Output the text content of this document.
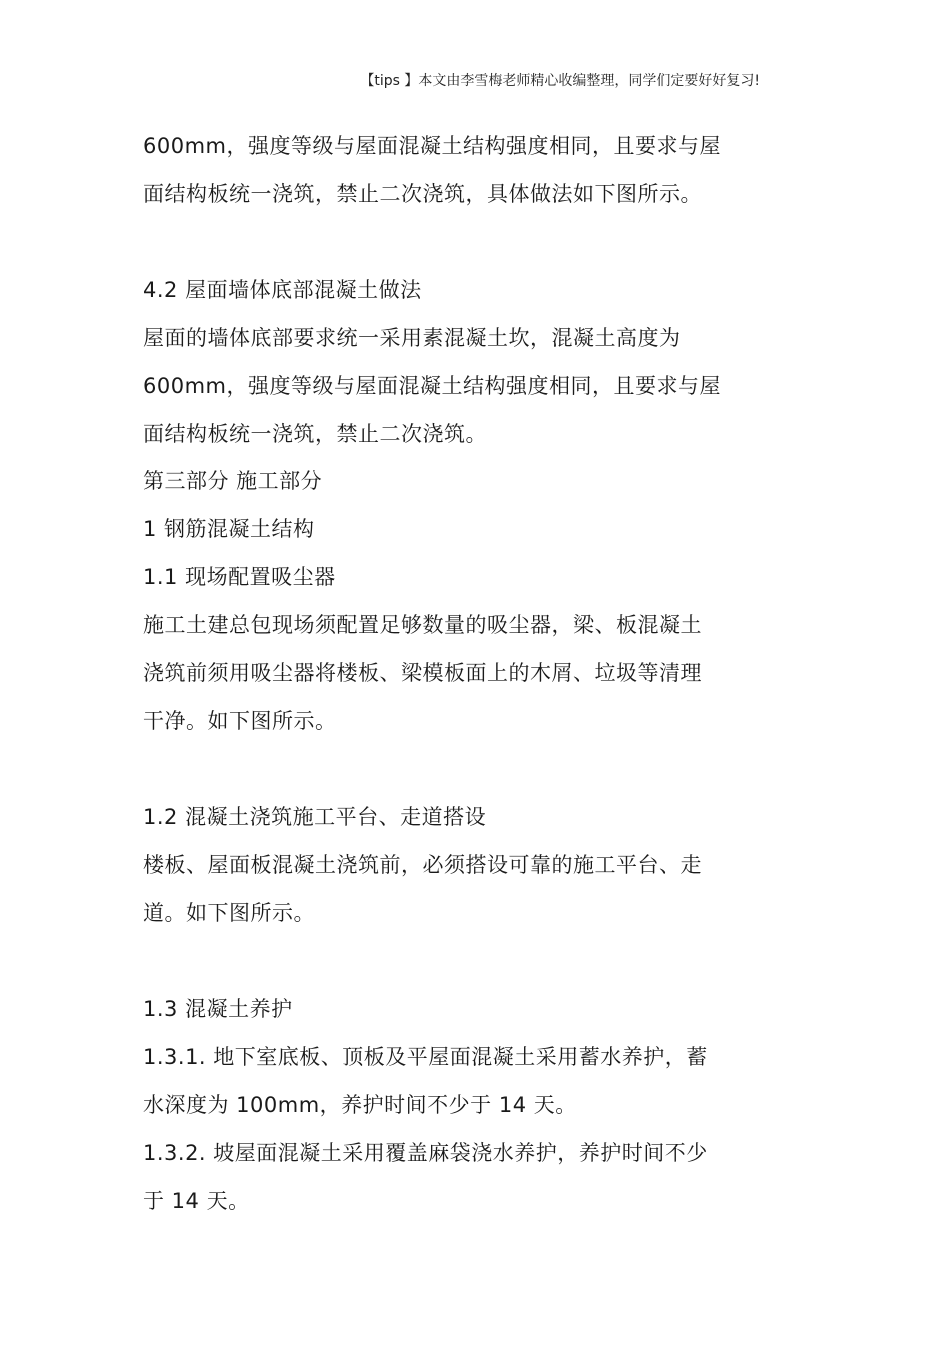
【tips 】本文由李雪梅老师精心收编整理，同学们定要好好复习!
600mm，强度等级与屋面混凝土结构强度相同，且要求与屋
面结构板统一浇筑，禁止二次浇筑，具体做法如下图所示。
4.2 屋面墙体底部混凝土做法
屋面的墙体底部要求统一采用素混凝土坎，混凝土高度为
600mm，强度等级与屋面混凝土结构强度相同，且要求与屋
面结构板统一浇筑，禁止二次浇筑。
第三部分 施工部分
1 钢筋混凝土结构
1.1 现场配置吸尘器
施工土建总包现场须配置足够数量的吸尘器，梁、板混凝土
浇筑前须用吸尘器将楼板、梁模板面上的木屑、垃圾等清理
干净。如下图所示。
1.2 混凝土浇筑施工平台、走道搭设
楼板、屋面板混凝土浇筑前，必须搭设可靠的施工平台、走
道。如下图所示。
1.3 混凝土养护
1.3.1. 地下室底板、顶板及平屋面混凝土采用蓄水养护，蓄
水深度为 100mm，养护时间不少于 14 天。
1.3.2. 坡屋面混凝土采用覆盖麻袋浇水养护，养护时间不少
于 14 天。
